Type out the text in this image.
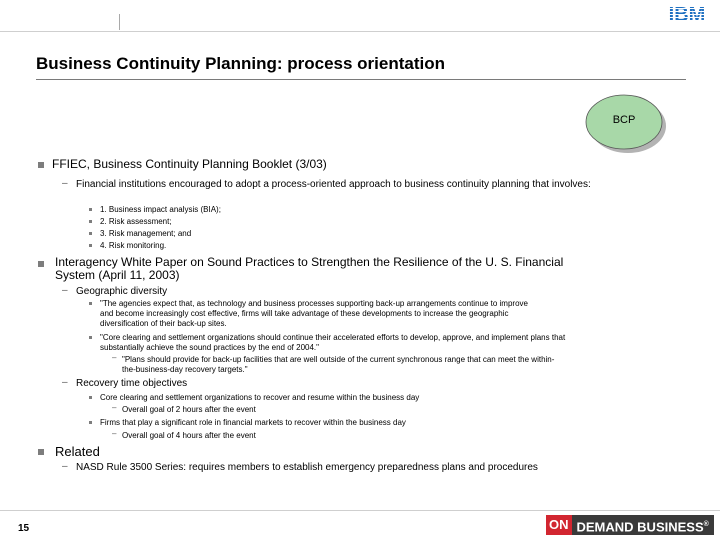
IBM
Business Continuity Planning: process orientation
BCP
FFIEC, Business Continuity Planning Booklet (3/03)
– Financial institutions encouraged to adopt a process-oriented approach to business continuity planning that involves:
1. Business impact analysis (BIA);
2. Risk assessment;
3. Risk management; and
4. Risk monitoring.
Interagency White Paper on Sound Practices to Strengthen the Resilience of the U. S. Financial
System (April 11, 2003)
– Geographic diversity
"The agencies expect that, as technology and business processes supporting back-up arrangements continue to improve
and become increasingly cost effective, firms will take advantage of these developments to increase the geographic
diversification of their back-up sites.
"Core clearing and settlement organizations should continue their accelerated efforts to develop, approve, and implement plans that
substantially achieve the sound practices by the end of 2004."
– "Plans should provide for back-up facilities that are well outside of the current synchronous range that can meet the within-
the-business-day recovery targets."
– Recovery time objectives
Core clearing and settlement organizations to recover and resume within the business day
– Overall goal of 2 hours after the event
Firms that play a significant role in financial markets to recover within the business day
– Overall goal of 4 hours after the event
Related
– NASD Rule 3500 Series: requires members to establish emergency preparedness plans and procedures
15	ON DEMAND BUSINESS®
